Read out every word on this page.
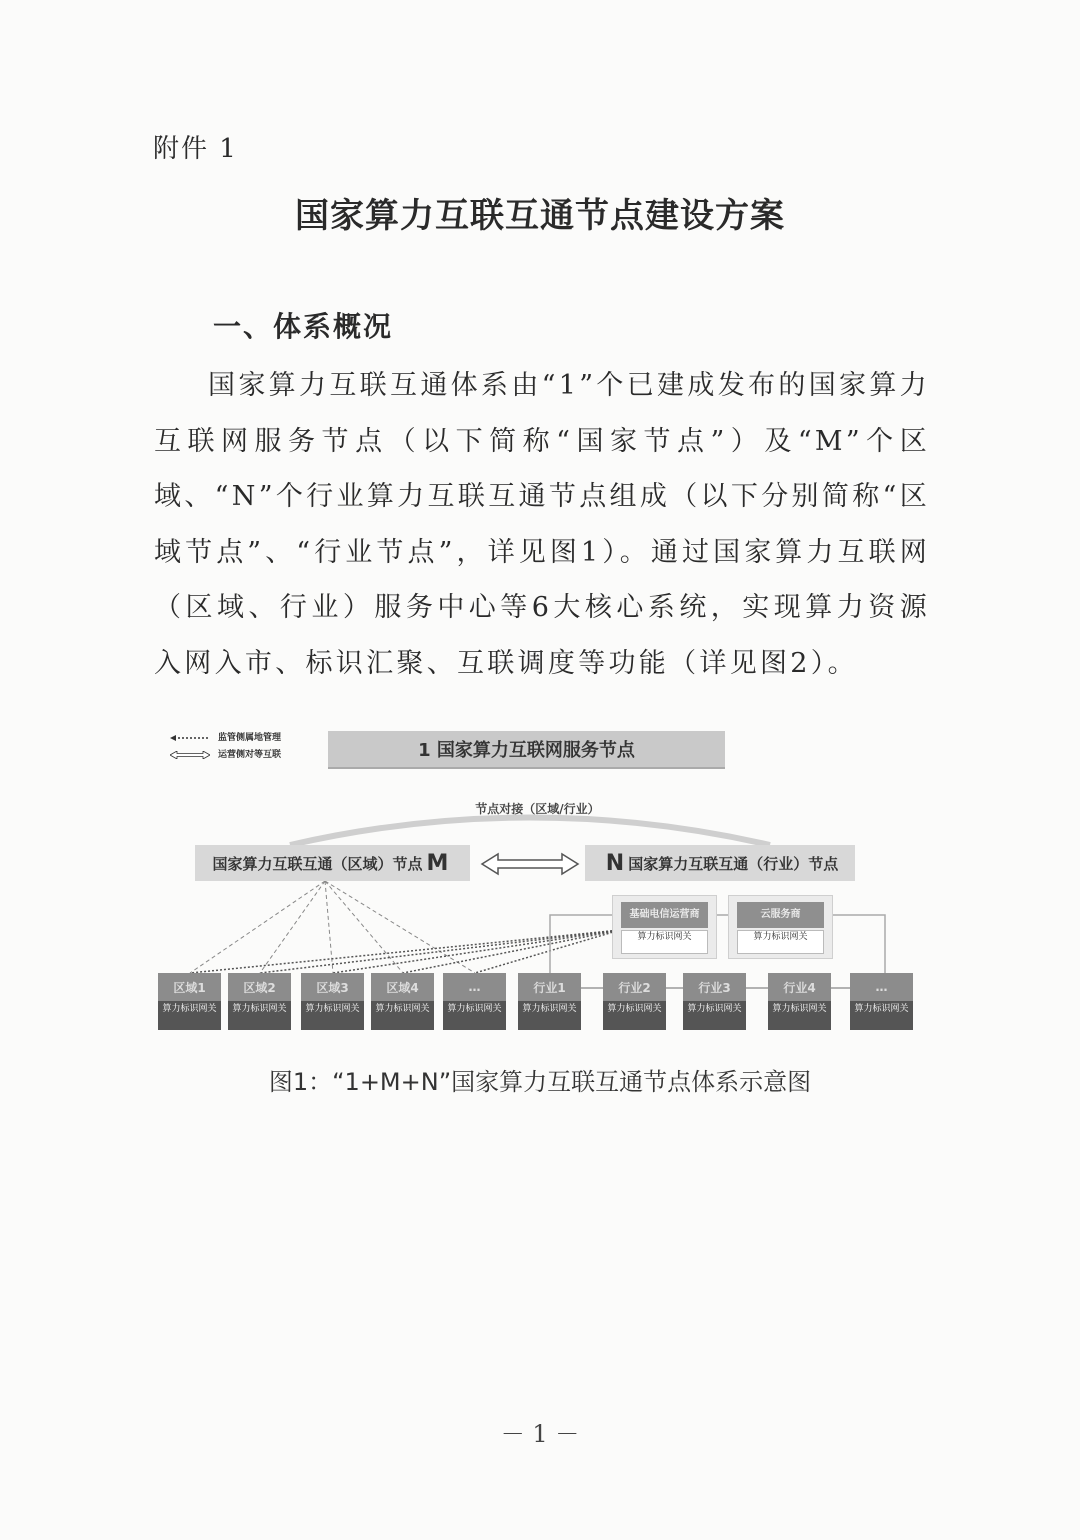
附件 1
国家算力互联互通节点建设方案
一、体系概况

国家算力互联互通体系由“1”个已建成发布的国家算力互联网服务节点（以下简称“国家节点”）及“M”个区域、“N”个行业算力互联互通节点组成（以下分别简称“区域节点”、“行业节点”，详见图1）。通过国家算力互联网（区域、行业）服务中心等6大核心系统，实现算力资源入网入市、标识汇聚、互联调度等功能（详见图2）。

监管侧属地管理
运营侧对等互联	1 国家算力互联网服务节点
节点对接（区域/行业）
国家算力互联互通（区域）节点 M	N 国家算力互联互通（行业）节点
基础电信运营商
算力标识网关
云服务商
算力标识网关
区域1
算力标识网关
区域2
算力标识网关
区域3
算力标识网关
区域4
算力标识网关
…
算力标识网关
行业1
算力标识网关
行业2
算力标识网关
行业3
算力标识网关
行业4
算力标识网关
…
算力标识网关
图1：“1+M+N”国家算力互联互通节点体系示意图
－ 1 －
